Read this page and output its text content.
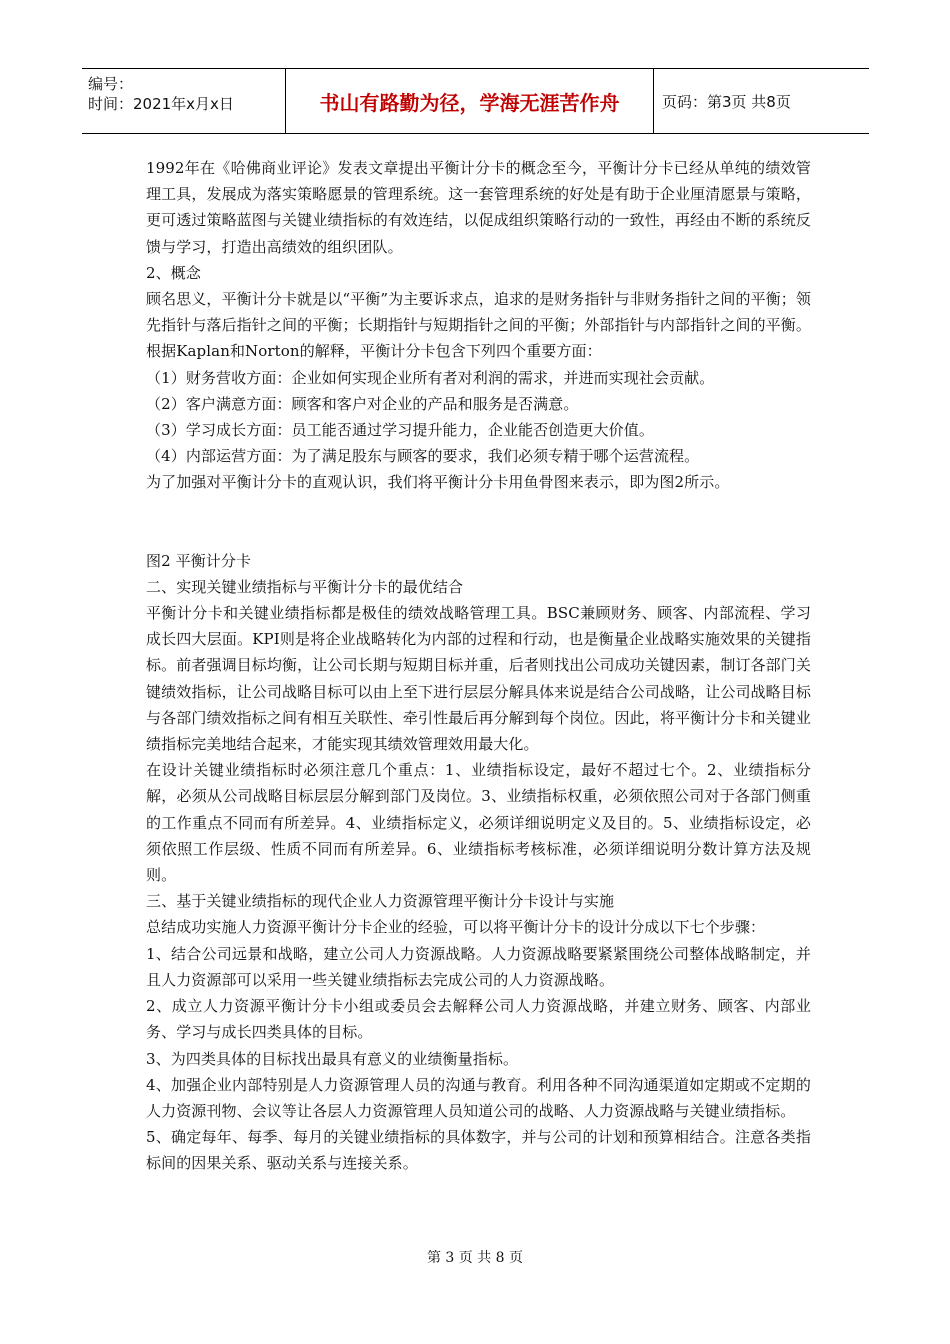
编号：
时间：2021年x月x日	书山有路勤为径，学海无涯苦作舟	页码：第3页 共8页

1992年在《哈佛商业评论》发表文章提出平衡计分卡的概念至今，平衡计分卡已经从单纯的绩效管理工具，发展成为落实策略愿景的管理系统。这一套管理系统的好处是有助于企业厘清愿景与策略，更可透过策略蓝图与关键业绩指标的有效连结，以促成组织策略行动的一致性，再经由不断的系统反馈与学习，打造出高绩效的组织团队。

2、概念

顾名思义，平衡计分卡就是以“平衡”为主要诉求点，追求的是财务指针与非财务指针之间的平衡；领先指针与落后指针之间的平衡；长期指针与短期指针之间的平衡；外部指针与内部指针之间的平衡。根据Kaplan和Norton的解释，平衡计分卡包含下列四个重要方面：

（1）财务营收方面：企业如何实现企业所有者对利润的需求，并进而实现社会贡献。

（2）客户满意方面：顾客和客户对企业的产品和服务是否满意。

（3）学习成长方面：员工能否通过学习提升能力，企业能否创造更大价值。

（4）内部运营方面：为了满足股东与顾客的要求，我们必须专精于哪个运营流程。

为了加强对平衡计分卡的直观认识，我们将平衡计分卡用鱼骨图来表示，即为图2所示。

图2 平衡计分卡

二、实现关键业绩指标与平衡计分卡的最优结合

平衡计分卡和关键业绩指标都是极佳的绩效战略管理工具。BSC兼顾财务、顾客、内部流程、学习成长四大层面。KPI则是将企业战略转化为内部的过程和行动，也是衡量企业战略实施效果的关键指标。前者强调目标均衡，让公司长期与短期目标并重，后者则找出公司成功关键因素，制订各部门关键绩效指标，让公司战略目标可以由上至下进行层层分解具体来说是结合公司战略，让公司战略目标与各部门绩效指标之间有相互关联性、牵引性最后再分解到每个岗位。因此，将平衡计分卡和关键业绩指标完美地结合起来，才能实现其绩效管理效用最大化。

在设计关键业绩指标时必须注意几个重点：1、业绩指标设定，最好不超过七个。2、业绩指标分解，必须从公司战略目标层层分解到部门及岗位。3、业绩指标权重，必须依照公司对于各部门侧重的工作重点不同而有所差异。4、业绩指标定义，必须详细说明定义及目的。5、业绩指标设定，必须依照工作层级、性质不同而有所差异。6、业绩指标考核标准，必须详细说明分数计算方法及规则。

三、基于关键业绩指标的现代企业人力资源管理平衡计分卡设计与实施

总结成功实施人力资源平衡计分卡企业的经验，可以将平衡计分卡的设计分成以下七个步骤：

1、结合公司远景和战略，建立公司人力资源战略。人力资源战略要紧紧围绕公司整体战略制定，并且人力资源部可以采用一些关键业绩指标去完成公司的人力资源战略。

2、成立人力资源平衡计分卡小组或委员会去解释公司人力资源战略，并建立财务、顾客、内部业务、学习与成长四类具体的目标。

3、为四类具体的目标找出最具有意义的业绩衡量指标。

4、加强企业内部特别是人力资源管理人员的沟通与教育。利用各种不同沟通渠道如定期或不定期的人力资源刊物、会议等让各层人力资源管理人员知道公司的战略、人力资源战略与关键业绩指标。

5、确定每年、每季、每月的关键业绩指标的具体数字，并与公司的计划和预算相结合。注意各类指标间的因果关系、驱动关系与连接关系。

第 3 页 共 8 页
